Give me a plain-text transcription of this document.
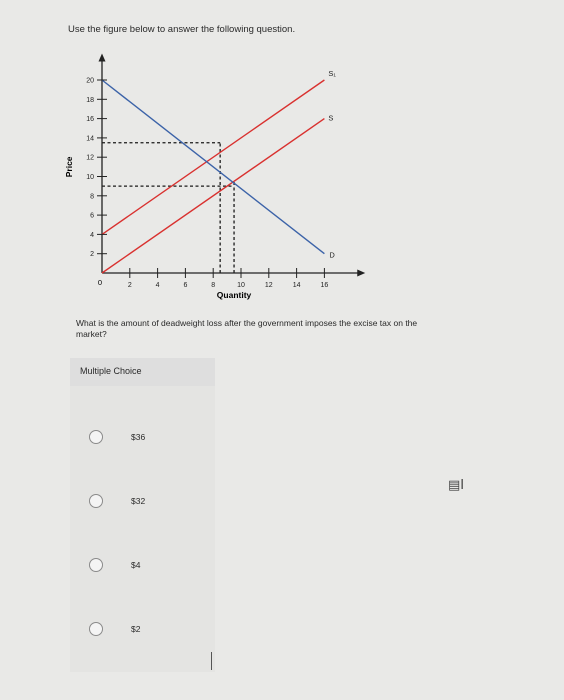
Use the figure below to answer the following question.
S₁
S
D
2	4	6	8	10	12	14	16
2
4
6
8
10
12
14
16
18
20
Quantity
Price
0
What is the amount of deadweight loss after the government imposes the excise tax on the market?
Multiple Choice
$36
$32
$4
$2
▤I
